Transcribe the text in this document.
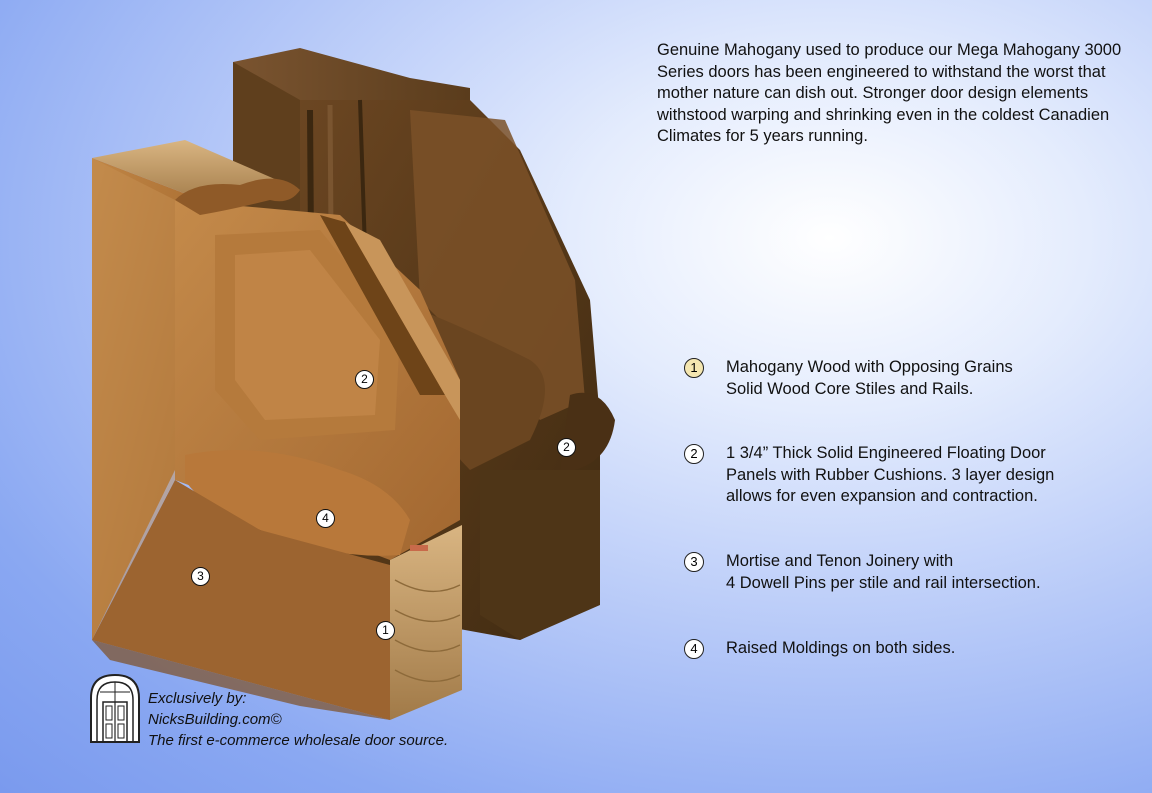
Genuine Mahogany used to produce our Mega Mahogany 3000 Series doors has been engineered to withstand the worst that mother nature can dish out. Stronger door design elements withstood warping and shrinking even in the coldest Canadien Climates for 5 years running.
1	Mahogany Wood with Opposing Grains
Solid Wood Core Stiles and Rails.
2	1 3/4” Thick Solid Engineered Floating Door
Panels with Rubber Cushions. 3 layer design
allows for even expansion and contraction.
3	Mortise and Tenon Joinery with
4 Dowell Pins per stile and rail intersection.
4	Raised Moldings on both sides.
2
2
4
3
1
Exclusively by:
NicksBuilding.com©
The first e-commerce wholesale door source.
